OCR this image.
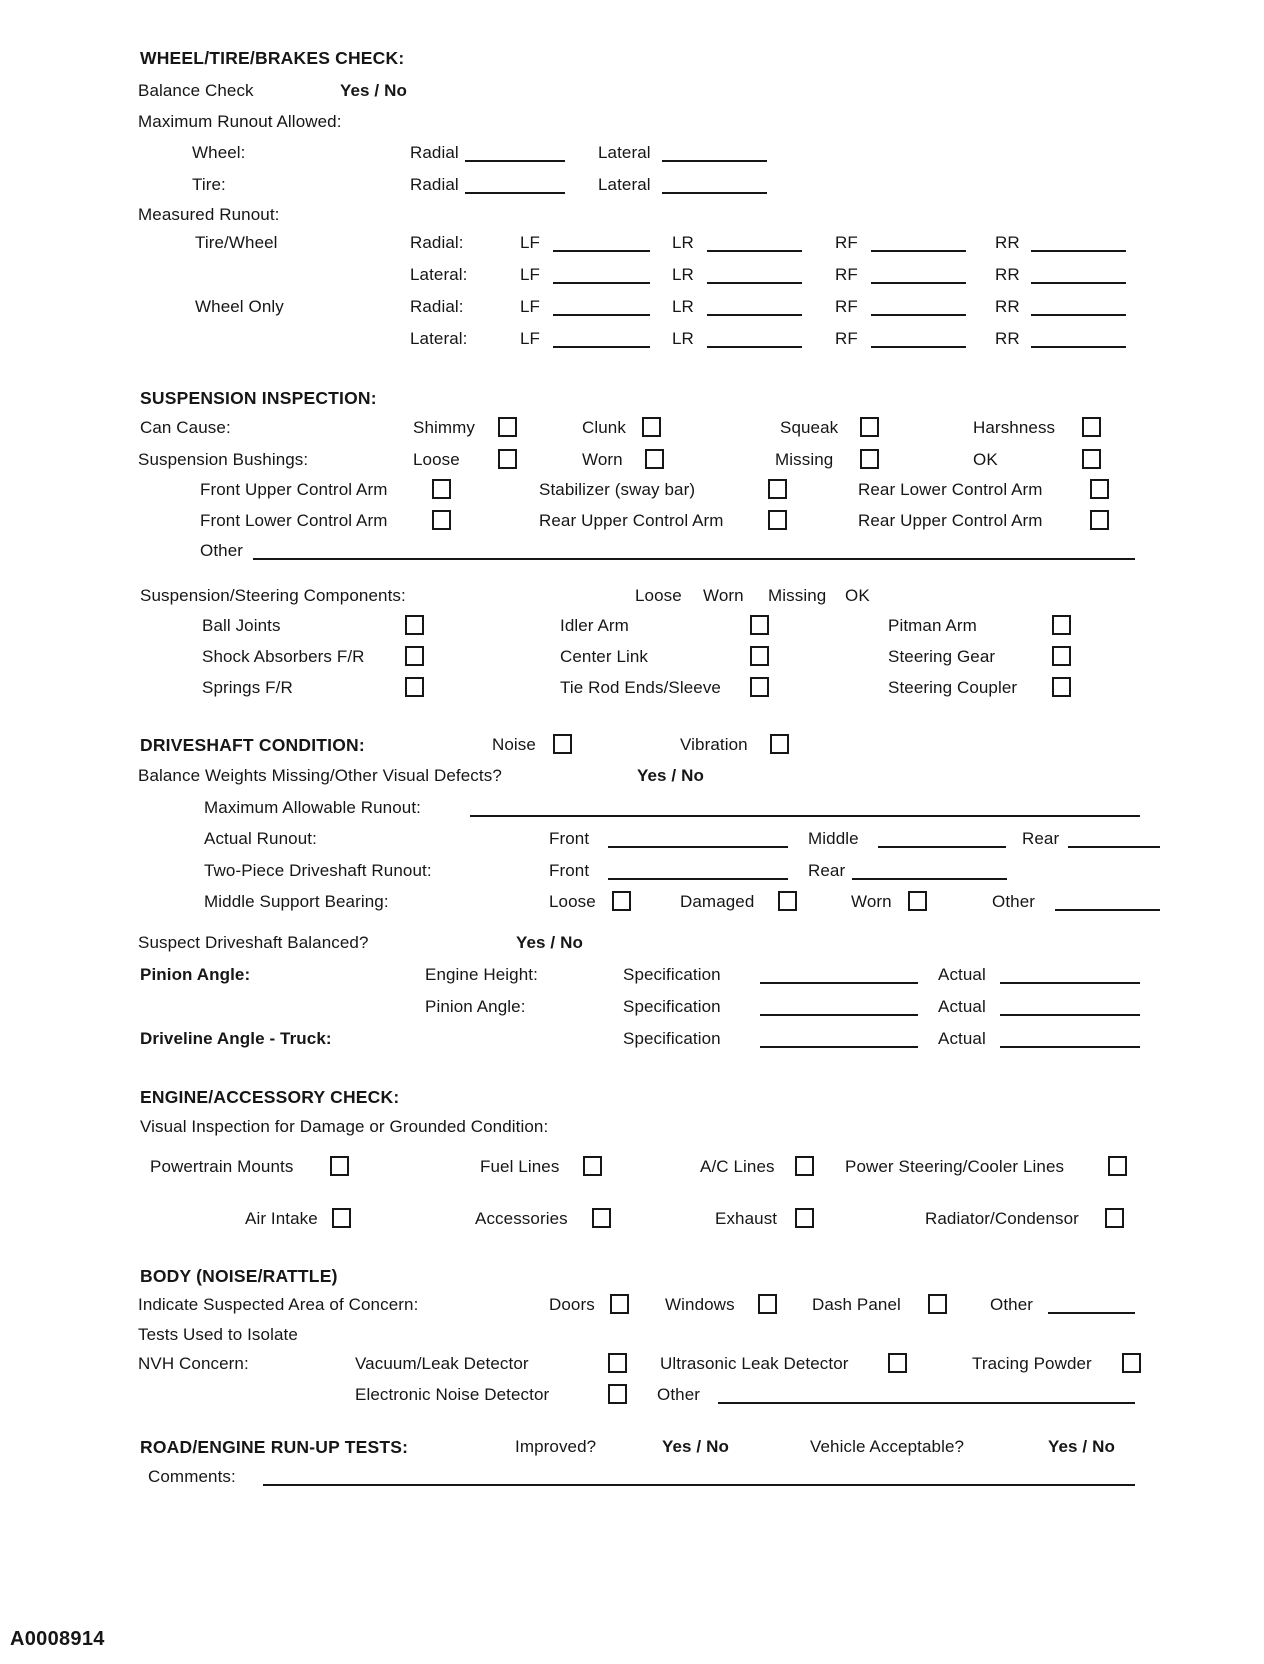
WHEEL/TIRE/BRAKES CHECK:
Balance Check	Yes / No
Maximum Runout Allowed:
Wheel:	Radial	Lateral
Tire:	Radial	Lateral
Measured Runout:
Tire/Wheel	Radial:	LF	LR	RF	RR
Lateral:	LF	LR	RF	RR
Wheel Only	Radial:	LF	LR	RF	RR
Lateral:	LF	LR	RF	RR
SUSPENSION INSPECTION:
Can Cause:	Shimmy	Clunk	Squeak	Harshness
Suspension Bushings:	Loose	Worn	Missing	OK
Front Upper Control Arm	Stabilizer (sway bar)	Rear Lower Control Arm
Front Lower Control Arm	Rear Upper Control Arm	Rear Upper Control Arm
Other
Suspension/Steering Components:	Loose Worn Missing OK
Ball Joints	Idler Arm	Pitman Arm
Shock Absorbers F/R	Center Link	Steering Gear
Springs F/R	Tie Rod Ends/Sleeve	Steering Coupler
DRIVESHAFT CONDITION:	Noise	Vibration
Balance Weights Missing/Other Visual Defects?	Yes / No
Maximum Allowable Runout:
Actual Runout:	Front	Middle	Rear
Two-Piece Driveshaft Runout:	Front	Rear
Middle Support Bearing:	Loose	Damaged	Worn	Other
Suspect Driveshaft Balanced?	Yes / No
Pinion Angle:	Engine Height:	Specification	Actual
Pinion Angle:	Specification	Actual
Driveline Angle - Truck:	Specification	Actual
ENGINE/ACCESSORY CHECK:
Visual Inspection for Damage or Grounded Condition:
Powertrain Mounts	Fuel Lines	A/C Lines	Power Steering/Cooler Lines
Air Intake	Accessories	Exhaust	Radiator/Condensor
BODY (NOISE/RATTLE)
Indicate Suspected Area of Concern:	Doors	Windows	Dash Panel	Other
Tests Used to Isolate
NVH Concern:	Vacuum/Leak Detector	Ultrasonic Leak Detector	Tracing Powder
Electronic Noise Detector	Other
ROAD/ENGINE RUN-UP TESTS:	Improved?	Yes / No	Vehicle Acceptable?	Yes / No
Comments:
A0008914
